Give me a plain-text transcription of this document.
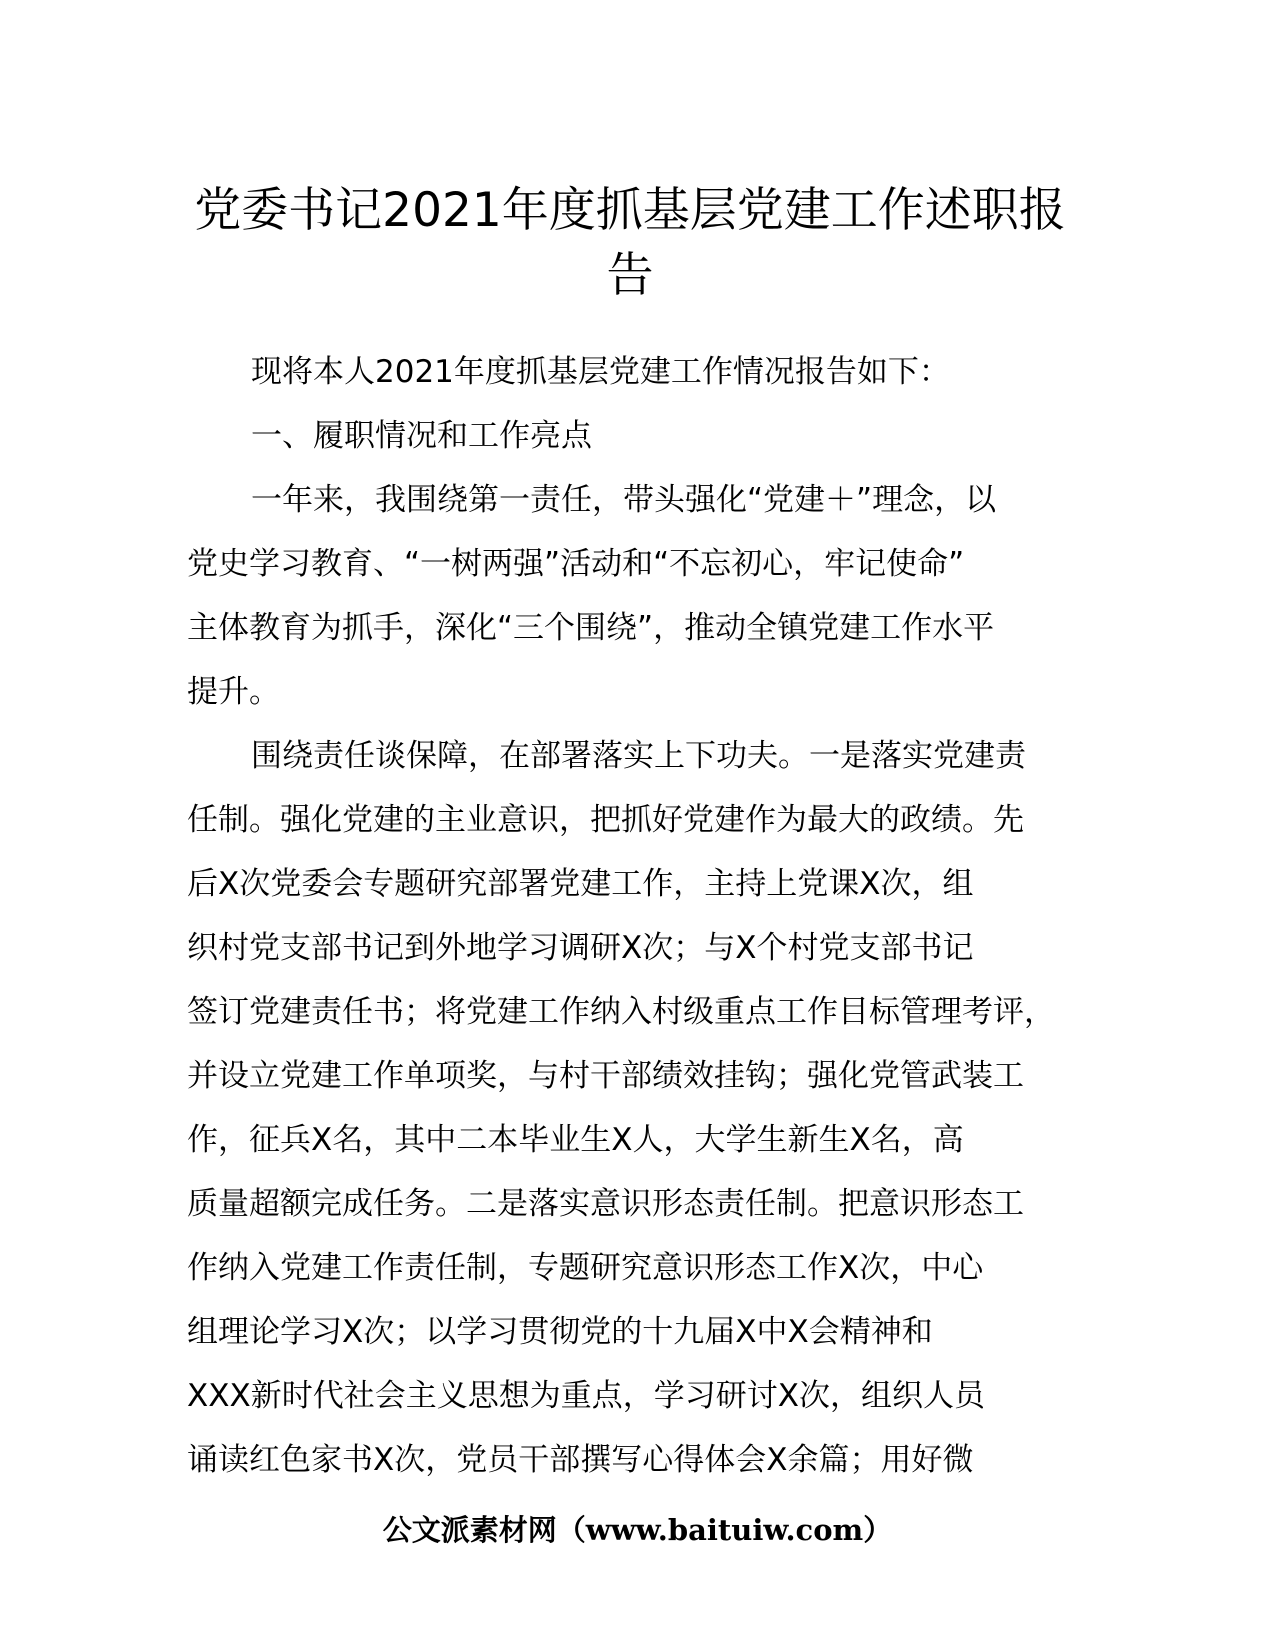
党委书记2021年度抓基层党建工作述职报
告
现将本人2021年度抓基层党建工作情况报告如下：
一、履职情况和工作亮点
一年来，我围绕第一责任，带头强化“党建＋”理念，以
党史学习教育、“一树两强”活动和“不忘初心，牢记使命”
主体教育为抓手，深化“三个围绕”，推动全镇党建工作水平
提升。
围绕责任谈保障，在部署落实上下功夫。一是落实党建责
任制。强化党建的主业意识，把抓好党建作为最大的政绩。先
后X次党委会专题研究部署党建工作，主持上党课X次，组
织村党支部书记到外地学习调研X次；与X个村党支部书记
签订党建责任书；将党建工作纳入村级重点工作目标管理考评，
并设立党建工作单项奖，与村干部绩效挂钩；强化党管武装工
作，征兵X名，其中二本毕业生X人，大学生新生X名，高
质量超额完成任务。二是落实意识形态责任制。把意识形态工
作纳入党建工作责任制，专题研究意识形态工作X次，中心
组理论学习X次；以学习贯彻党的十九届X中X会精神和
XXX新时代社会主义思想为重点，学习研讨X次，组织人员
诵读红色家书X次，党员干部撰写心得体会X余篇；用好微
公文派素材网（www.baituiw.com）
